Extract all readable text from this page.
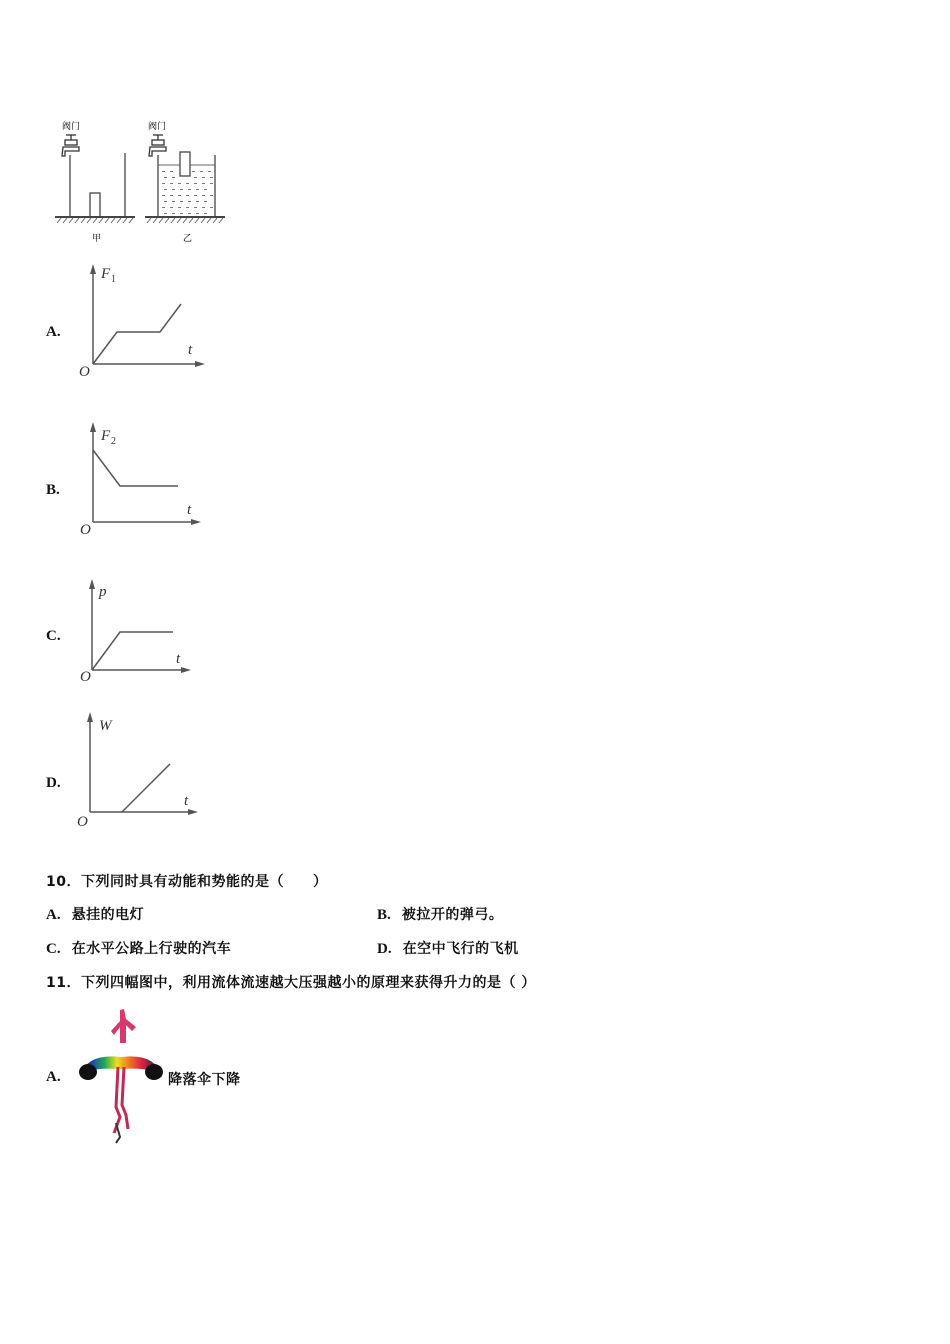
阀门	阀门
甲	乙
A.
F 1
t
O
B.
F 2
t
O
C.
p
t
O
D.
W
t
O
10．下列同时具有动能和势能的是（　　）
A. 悬挂的电灯	B. 被拉开的弹弓。
C. 在水平公路上行驶的汽车	D. 在空中飞行的飞机
11．下列四幅图中，利用流体流速越大压强越小的原理来获得升力的是（ ）
A.	降落伞下降
